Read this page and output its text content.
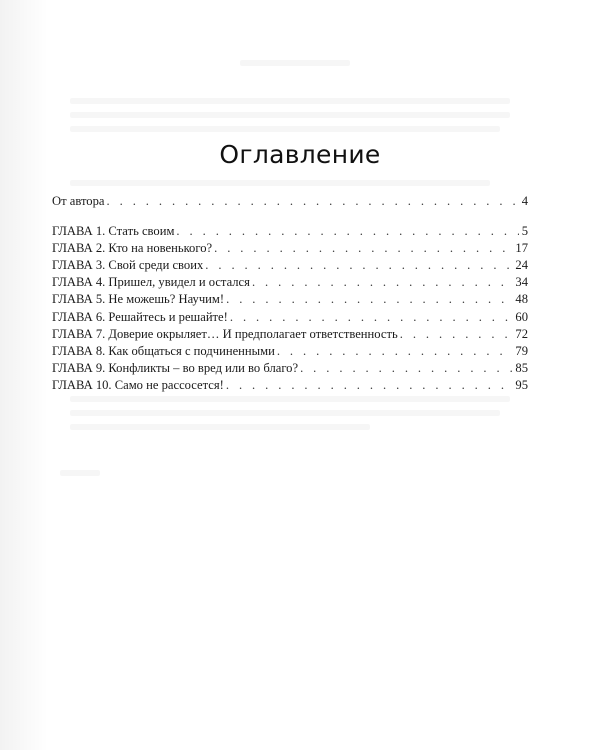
Оглавление
От автора . . .	4
ГЛАВА 1. Стать своим . . .	5
ГЛАВА 2. Кто на новенького? . . .	17
ГЛАВА 3. Свой среди своих . . .	24
ГЛАВА 4. Пришел, увидел и остался . . .	34
ГЛАВА 5. Не можешь? Научим! . . .	48
ГЛАВА 6. Решайтесь и решайте! . . .	60
ГЛАВА 7. Доверие окрыляет… И предполагает ответственность . . .	72
ГЛАВА 8. Как общаться с подчиненными . . .	79
ГЛАВА 9. Конфликты – во вред или во благо? . . .	85
ГЛАВА 10. Само не рассосется! . . .	95
